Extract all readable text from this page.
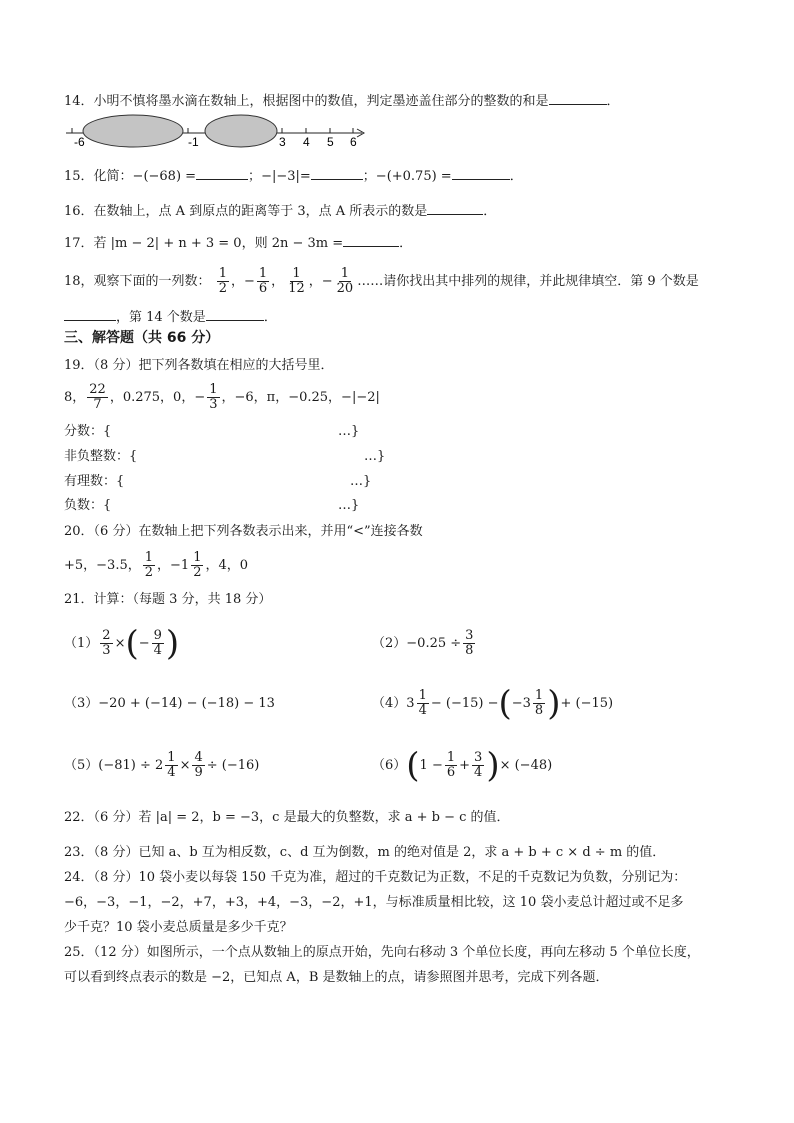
14．小明不慎将墨水滴在数轴上，根据图中的数值，判定墨迹盖住部分的整数的和是	．
-6	-1	3 4 5 6
15．化简：−(−68) =	；−|−3|=	；−(+0.75) =	．
16．在数轴上，点 A 到原点的距离等于 3，点 A 所表示的数是	．
17．若 |m − 2| + n + 3 = 0，则 2n − 3m =	．
18，观察下面的一列数： $\frac{1}{2}$ ，− $\frac{1}{6}$ ， $\frac{1}{12}$ ，− $\frac{1}{20}$ ……请你找出其中排列的规律，并此规律填空．第 9 个数是
，第 14 个数是	．
三、解答题（共 66 分）
19．（8 分）把下列各数填在相应的大括号里．
8， $\frac{22}{7}$ ，0.275，0，− $\frac{1}{3}$ ，−6，π，−0.25，−|−2|
分数：{	…}
非负整数：{	…}
有理数：{	…}
负数：{	…}
20．（6 分）在数轴上把下列各数表示出来，并用“<”连接各数
+5，−3.5， $\frac{1}{2}$ ，$-1 \frac{1}{2}$ ，4，0
21．计算：（每题 3 分，共 18 分）
$(1) \frac{2}{3}$ ×(− $\frac{9}{4}$ )	$(2)-0.25 \div \frac{3}{8}$
（3）−20 + (−14) − (−18) − 13	$(4)3 \frac{1}{4} - (-15) -(-3 \frac{1}{8}$ )+ (−15)
$(5)(-81) \div 2 \frac{1}{4} \times \frac{4}{9} \div (-16)$	$(6)(1 - \frac{1}{6} + \frac{3}{4}$ )× (−48)
22．（6 分）若 |a| = 2，b = −3，c 是最大的负整数，求 a + b − c 的值．
23．（8 分）已知 a、b 互为相反数，c、d 互为倒数，m 的绝对值是 2，求 a + b + c × d ÷ m 的值．
24．（8 分）10 袋小麦以每袋 150 千克为准，超过的千克数记为正数，不足的千克数记为负数，分别记为：
−6，−3，−1，−2，+7，+3，+4，−3，−2，+1，与标准质量相比较，这 10 袋小麦总计超过或不足多
少千克？10 袋小麦总质量是多少千克？
25．（12 分）如图所示，一个点从数轴上的原点开始，先向右移动 3 个单位长度，再向左移动 5 个单位长度，
可以看到终点表示的数是 −2，已知点 A，B 是数轴上的点，请参照图并思考，完成下列各题．
